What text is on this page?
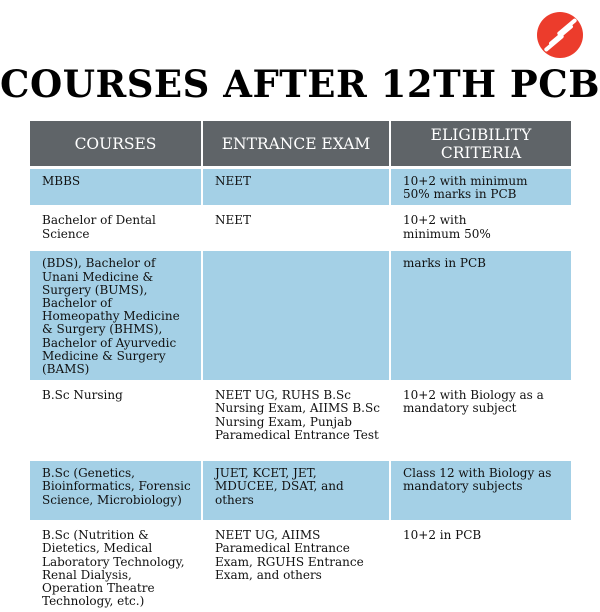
COURSES AFTER 12TH PCB
COURSES	ENTRANCE EXAM	ELIGIBILITY CRITERIA
MBBS	NEET	10+2 with minimum 50% marks in PCB
Bachelor of Dental Science	NEET	10+2 with minimum 50%
(BDS), Bachelor of Unani Medicine & Surgery (BUMS), Bachelor of Homeopathy Medicine & Surgery (BHMS), Bachelor of Ayurvedic Medicine & Surgery (BAMS)		marks in PCB
B.Sc Nursing	NEET UG, RUHS B.Sc Nursing Exam, AIIMS B.Sc Nursing Exam, Punjab Paramedical Entrance Test	10+2 with Biology as a mandatory subject
B.Sc (Genetics, Bioinformatics, Forensic Science, Microbiology)	JUET, KCET, JET, MDUCEE, DSAT, and others	Class 12 with Biology as mandatory subjects
B.Sc (Nutrition & Dietetics, Medical Laboratory Technology, Renal Dialysis, Operation Theatre Technology, etc.)	NEET UG, AIIMS Paramedical Entrance Exam, RGUHS Entrance Exam, and others	10+2 in PCB
